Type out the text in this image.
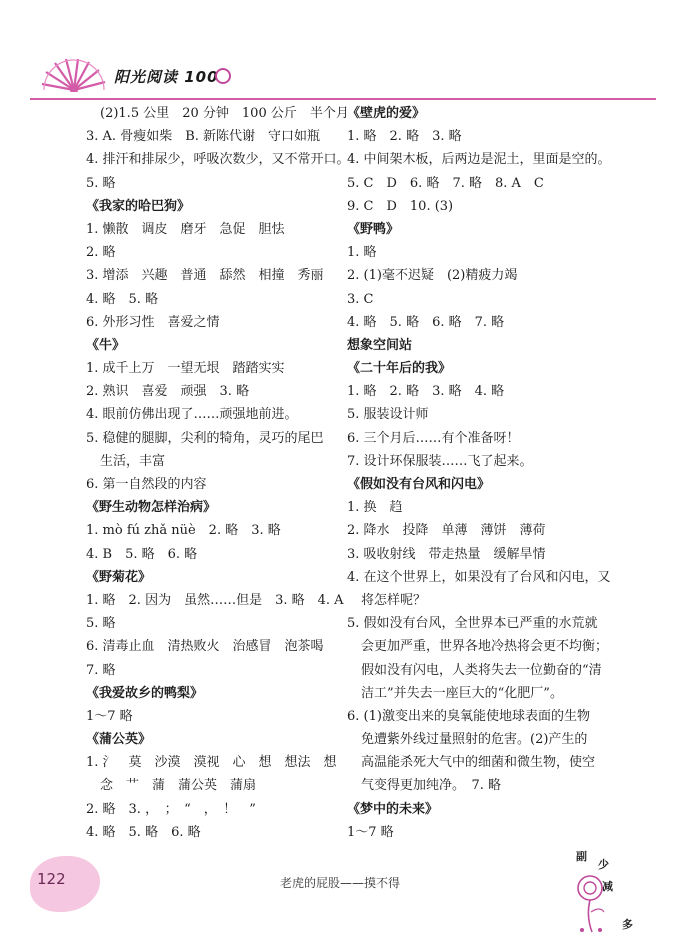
阳光阅读 100
(2)1.5 公里　20 分钟　100 公斤　半个月
3. A. 骨瘦如柴　B. 新陈代谢　守口如瓶
4. 排汗和排尿少，呼吸次数少，又不常开口。
5. 略
《我家的哈巴狗》
1. 懒散　调皮　磨牙　急促　胆怯
2. 略
3. 增添　兴趣　普通　舔然　相撞　秀丽
4. 略　5. 略
6. 外形习性　喜爱之情
《牛》
1. 成千上万　一望无垠　踏踏实实
2. 熟识　喜爱　顽强　3. 略
4. 眼前仿佛出现了……顽强地前进。
5. 稳健的腿脚，尖利的犄角，灵巧的尾巴
生活，丰富
6. 第一自然段的内容
《野生动物怎样治病》
1. mò fú zhǎ nüè　2. 略　3. 略
4. B　5. 略　6. 略
《野菊花》
1. 略　2. 因为　虽然……但是　3. 略　4. A
5. 略
6. 清毒止血　清热败火　治感冒　泡茶喝
7. 略
《我爱故乡的鸭梨》
1～7 略
《蒲公英》
1. 氵　莫　沙漠　漠视　心　想　想法　想
念　艹　蒲　蒲公英　蒲扇
2. 略　3. ，　；　“　，　！　”
4. 略　5. 略　6. 略
《壁虎的爱》
1. 略　2. 略　3. 略
4. 中间架木板，后两边是泥土，里面是空的。
5. C　D　6. 略　7. 略　8. A　C
9. C　D　10. (3)
《野鸭》
1. 略
2. (1)毫不迟疑　(2)精疲力竭
3. C
4. 略　5. 略　6. 略　7. 略
想象空间站
《二十年后的我》
1. 略　2. 略　3. 略　4. 略
5. 服装设计师
6. 三个月后……有个准备呀！
7. 设计环保服装……飞了起来。
《假如没有台风和闪电》
1. 换　趋
2. 降水　投降　单薄　薄饼　薄荷
3. 吸收射线　带走热量　缓解旱情
4. 在这个世界上，如果没有了台风和闪电，又
将怎样呢？
5. 假如没有台风，全世界本已严重的水荒就
会更加严重，世界各地冷热将会更不均衡；
假如没有闪电，人类将失去一位勤奋的“清
洁工”并失去一座巨大的“化肥厂”。
6. (1)激变出来的臭氧能使地球表面的生物
免遭紫外线过量照射的危害。(2)产生的
高温能杀死大气中的细菌和微生物，使空
气变得更加纯净。　7. 略
《梦中的未来》
1～7 略
122	老虎的屁股——摸不得
副
少
减
多
